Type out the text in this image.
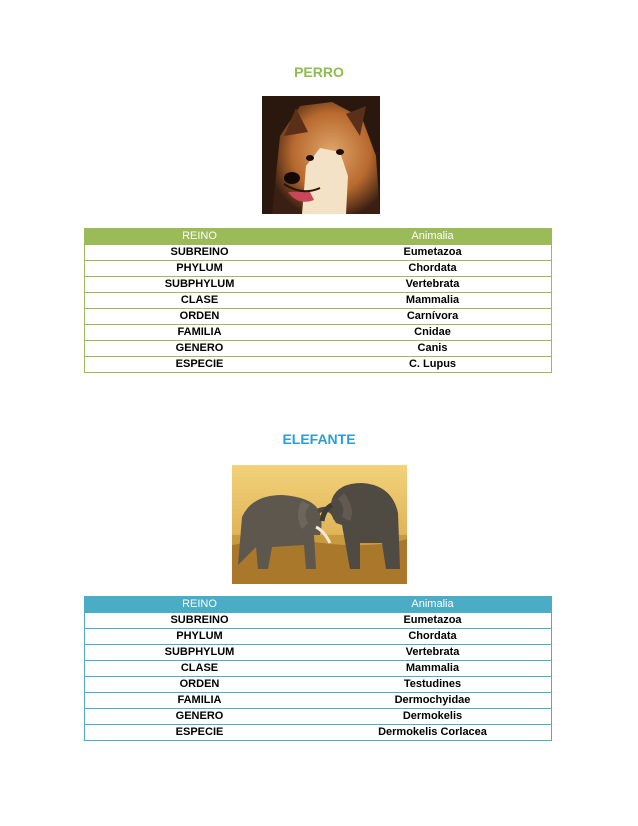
PERRO
REINO	Animalia
SUBREINO	Eumetazoa
PHYLUM	Chordata
SUBPHYLUM	Vertebrata
CLASE	Mammalia
ORDEN	Carnívora
FAMILIA	Cnidae
GENERO	Canis
ESPECIE	C. Lupus
ELEFANTE
REINO	Animalia
SUBREINO	Eumetazoa
PHYLUM	Chordata
SUBPHYLUM	Vertebrata
CLASE	Mammalia
ORDEN	Testudines
FAMILIA	Dermochyidae
GENERO	Dermokelis
ESPECIE	Dermokelis Corlacea
